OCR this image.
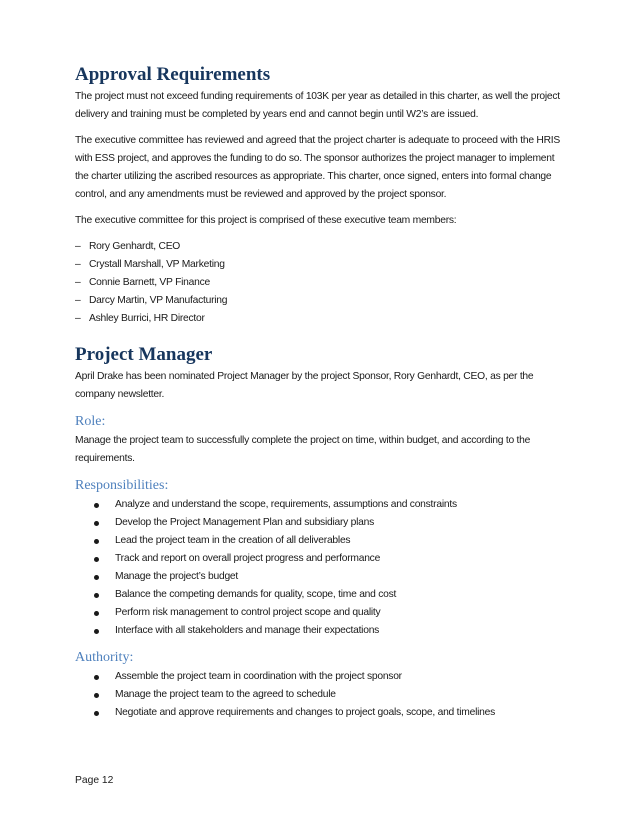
Approval Requirements

The project must not exceed funding requirements of 103K per year as detailed in this charter, as well the project delivery and training must be completed by years end and cannot begin until W2’s are issued.

The executive committee has reviewed and agreed that the project charter is adequate to proceed with the HRIS with ESS project, and approves the funding to do so. The sponsor authorizes the project manager to implement the charter utilizing the ascribed resources as appropriate. This charter, once signed, enters into formal change control, and any amendments must be reviewed and approved by the project sponsor.

The executive committee for this project is comprised of these executive team members:

– Rory Genhardt, CEO
– Crystall Marshall, VP Marketing
– Connie Barnett, VP Finance
– Darcy Martin, VP Manufacturing
– Ashley Burrici, HR Director
Project Manager

April Drake has been nominated Project Manager by the project Sponsor, Rory Genhardt, CEO, as per the company newsletter.

Role:

Manage the project team to successfully complete the project on time, within budget, and according to the requirements.

Responsibilities:
Analyze and understand the scope, requirements, assumptions and constraints
Develop the Project Management Plan and subsidiary plans
Lead the project team in the creation of all deliverables
Track and report on overall project progress and performance
Manage the project’s budget
Balance the competing demands for quality, scope, time and cost
Perform risk management to control project scope and quality
Interface with all stakeholders and manage their expectations
Authority:
Assemble the project team in coordination with the project sponsor
Manage the project team to the agreed to schedule
Negotiate and approve requirements and changes to project goals, scope, and timelines
Page 12
